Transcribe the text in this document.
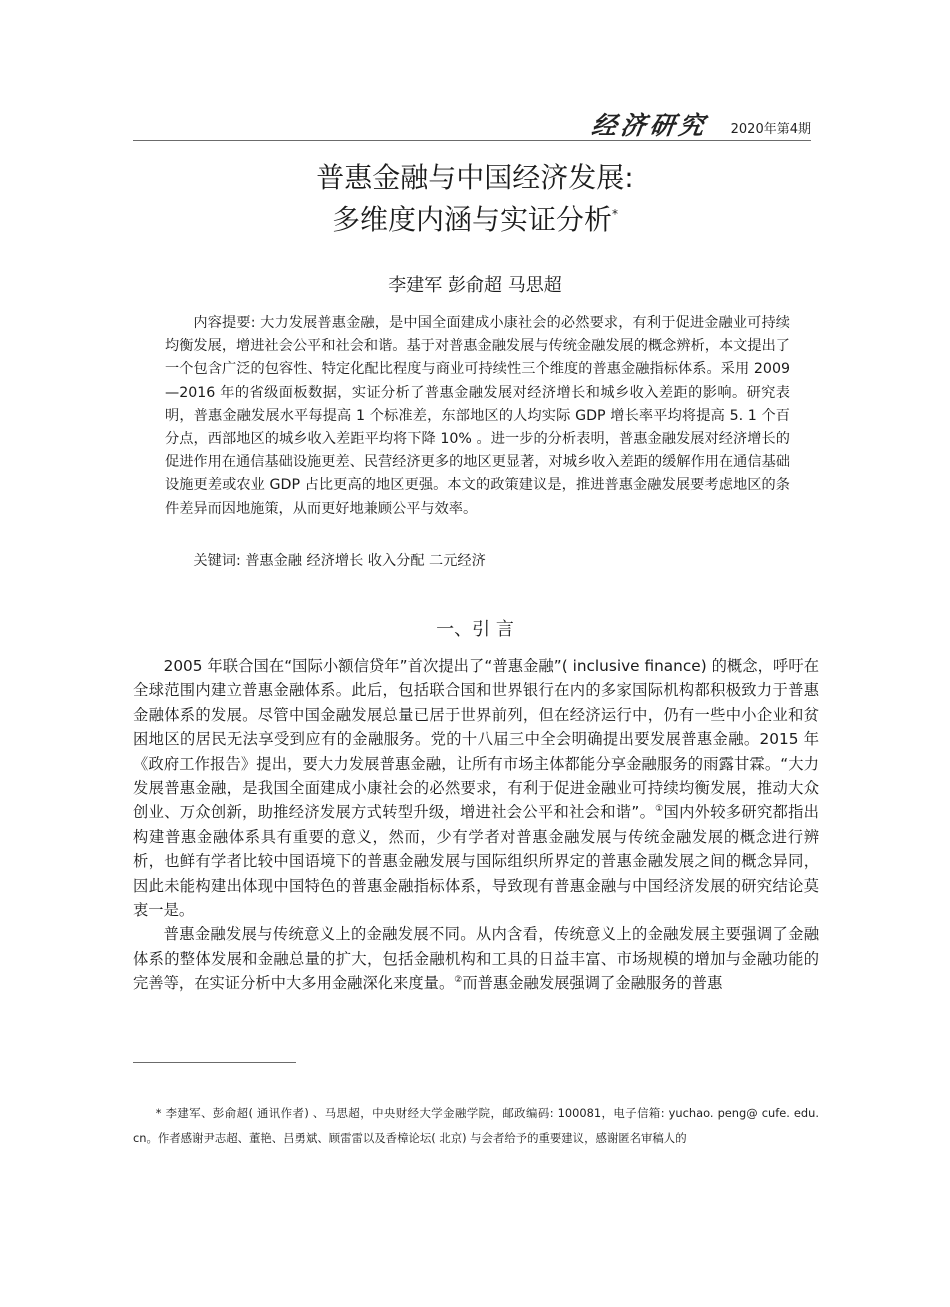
经济研究 2020年第4期
普惠金融与中国经济发展:
多维度内涵与实证分析*
李建军 彭俞超 马思超

内容提要: 大力发展普惠金融，是中国全面建成小康社会的必然要求，有利于促进金融业可持续均衡发展，增进社会公平和社会和谐。基于对普惠金融发展与传统金融发展的概念辨析，本文提出了一个包含广泛的包容性、特定化配比程度与商业可持续性三个维度的普惠金融指标体系。采用 2009—2016 年的省级面板数据，实证分析了普惠金融发展对经济增长和城乡收入差距的影响。研究表明，普惠金融发展水平每提高 1 个标准差，东部地区的人均实际 GDP 增长率平均将提高 5. 1 个百分点，西部地区的城乡收入差距平均将下降 10% 。进一步的分析表明，普惠金融发展对经济增长的促进作用在通信基础设施更差、民营经济更多的地区更显著，对城乡收入差距的缓解作用在通信基础设施更差或农业 GDP 占比更高的地区更强。本文的政策建议是，推进普惠金融发展要考虑地区的条件差异而因地施策，从而更好地兼顾公平与效率。

关键词: 普惠金融 经济增长 收入分配 二元经济

一、引 言

2005 年联合国在“国际小额信贷年”首次提出了“普惠金融”( inclusive finance) 的概念，呼吁在全球范围内建立普惠金融体系。此后，包括联合国和世界银行在内的多家国际机构都积极致力于普惠金融体系的发展。尽管中国金融发展总量已居于世界前列，但在经济运行中，仍有一些中小企业和贫困地区的居民无法享受到应有的金融服务。党的十八届三中全会明确提出要发展普惠金融。2015 年《政府工作报告》提出，要大力发展普惠金融，让所有市场主体都能分享金融服务的雨露甘霖。“大力发展普惠金融，是我国全面建成小康社会的必然要求，有利于促进金融业可持续均衡发展，推动大众创业、万众创新，助推经济发展方式转型升级，增进社会公平和社会和谐”。①国内外较多研究都指出构建普惠金融体系具有重要的意义，然而，少有学者对普惠金融发展与传统金融发展的概念进行辨析，也鲜有学者比较中国语境下的普惠金融发展与国际组织所界定的普惠金融发展之间的概念异同，因此未能构建出体现中国特色的普惠金融指标体系，导致现有普惠金融与中国经济发展的研究结论莫衷一是。

普惠金融发展与传统意义上的金融发展不同。从内含看，传统意义上的金融发展主要强调了金融体系的整体发展和金融总量的扩大，包括金融机构和工具的日益丰富、市场规模的增加与金融功能的完善等，在实证分析中大多用金融深化来度量。②而普惠金融发展强调了金融服务的普惠

* 李建军、彭俞超( 通讯作者) 、马思超，中央财经大学金融学院，邮政编码: 100081，电子信箱: yuchao. peng@ cufe. edu. cn。作者感谢尹志超、董艳、吕勇斌、顾雷雷以及香樟论坛( 北京) 与会者给予的重要建议，感谢匿名审稿人的
